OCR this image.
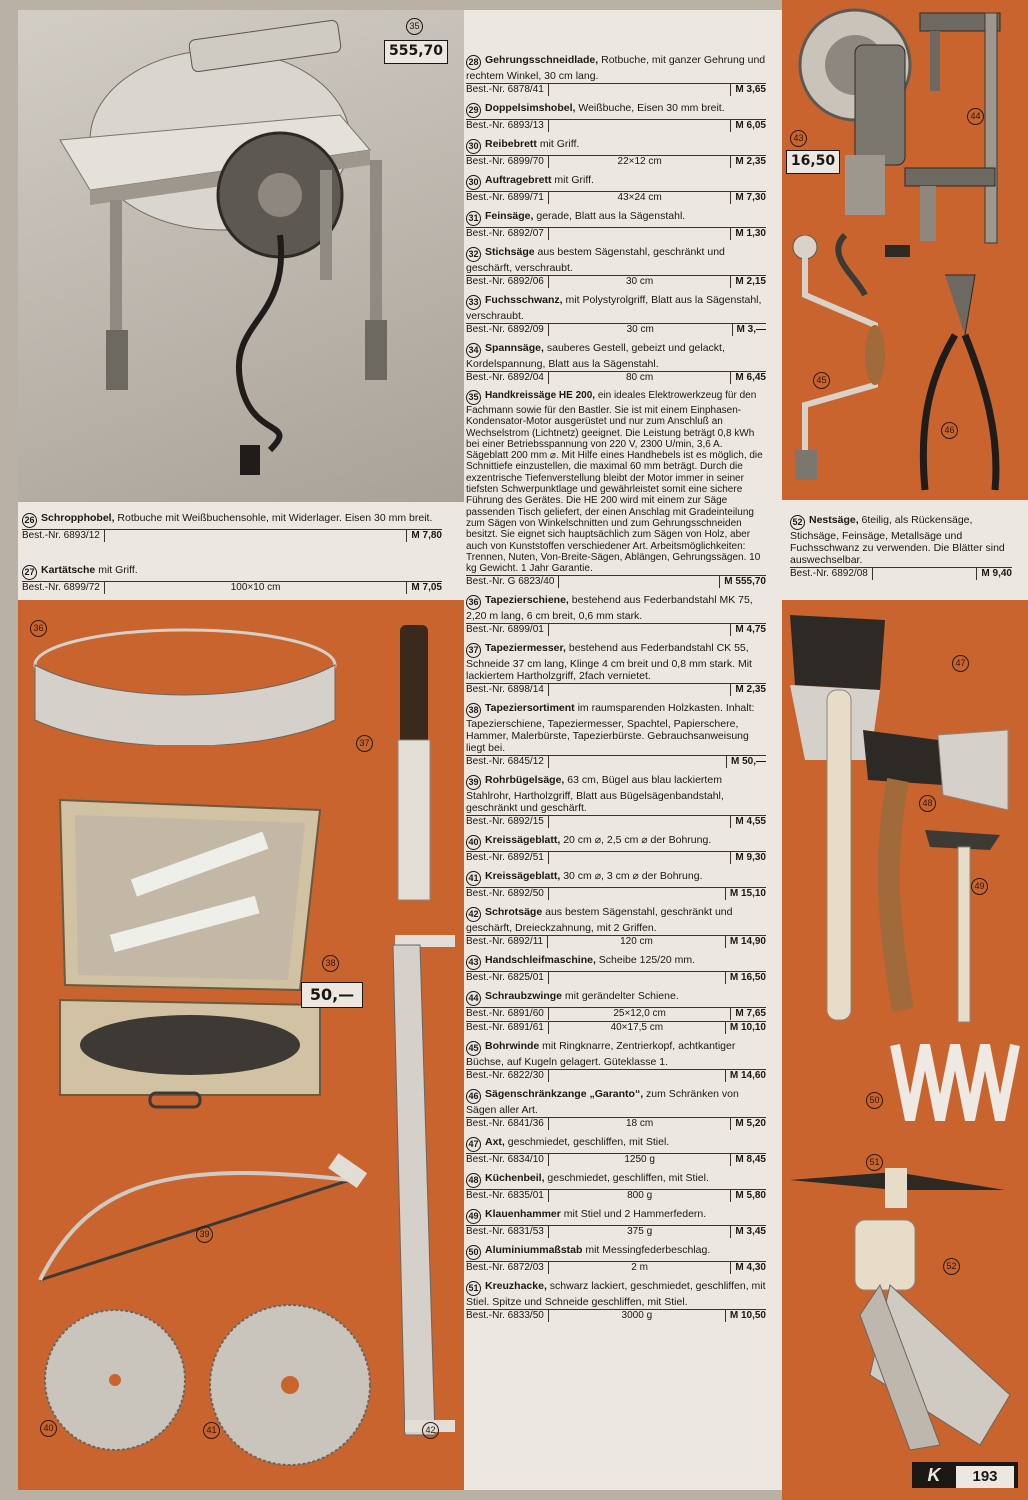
555,70
16,50
50,—
35
36
37
38
39
40	41	42
43
44
45
46
47
48
49
50
51
52
26 Schropphobel, Rotbuche mit Weißbuchensohle, mit Widerlager. Eisen 30 mm breit.
Best.-Nr. 6893/12	M 7,80
27 Kartätsche mit Griff.
Best.-Nr. 6899/72	100×10 cm	M 7,05
28 Gehrungsschneidlade, Rotbuche, mit ganzer Gehrung und rechtem Winkel, 30 cm lang.
Best.-Nr. 6878/41	M 3,65
29 Doppelsimshobel, Weißbuche, Eisen 30 mm breit.
Best.-Nr. 6893/13	M 6,05
30 Reibebrett mit Griff.
Best.-Nr. 6899/70	22×12 cm	M 2,35
30 Auftragebrett mit Griff.
Best.-Nr. 6899/71	43×24 cm	M 7,30
31 Feinsäge, gerade, Blatt aus la Sägenstahl.
Best.-Nr. 6892/07	M 1,30
32 Stichsäge aus bestem Sägenstahl, geschränkt und geschärft, verschraubt.
Best.-Nr. 6892/06	30 cm	M 2,15
33 Fuchsschwanz, mit Polystyrolgriff, Blatt aus la Sägenstahl, verschraubt.
Best.-Nr. 6892/09	30 cm	M 3,—
34 Spannsäge, sauberes Gestell, gebeizt und gelackt, Kordelspannung, Blatt aus la Sägenstahl.
Best.-Nr. 6892/04	80 cm	M 6,45
35 Handkreissäge HE 200, ein ideales Elektrowerkzeug für den Fachmann sowie für den Bastler. Sie ist mit einem Einphasen-Kondensator-Motor ausgerüstet und nur zum Anschluß an Wechselstrom (Lichtnetz) geeignet. Die Leistung beträgt 0,8 kWh bei einer Betriebsspannung von 220 V, 2300 U/min, 3,6 A. Sägeblatt 200 mm ⌀. Mit Hilfe eines Handhebels ist es möglich, die Schnittiefe einzustellen, die maximal 60 mm beträgt. Durch die exzentrische Tiefenverstellung bleibt der Motor immer in seiner tiefsten Schwerpunktlage und gewährleistet somit eine sichere Führung des Gerätes. Die HE 200 wird mit einem zur Säge passenden Tisch geliefert, der einen Anschlag mit Gradeinteilung zum Sägen von Winkelschnitten und zum Gehrungsschneiden besitzt. Sie eignet sich hauptsächlich zum Sägen von Holz, aber auch von Kunststoffen verschiedener Art. Arbeitsmöglichkeiten: Trennen, Nuten, Von-Breite-Sägen, Ablängen, Gehrungssägen. 10 kg Gewicht. 1 Jahr Garantie.
Best.-Nr. G 6823/40	M 555,70
36 Tapezierschiene, bestehend aus Federbandstahl MK 75, 2,20 m lang, 6 cm breit, 0,6 mm stark.
Best.-Nr. 6899/01	M 4,75
37 Tapeziermesser, bestehend aus Federbandstahl CK 55, Schneide 37 cm lang, Klinge 4 cm breit und 0,8 mm stark. Mit lackiertem Hartholzgriff, 2fach vernietet.
Best.-Nr. 6898/14	M 2,35
38 Tapeziersortiment im raumsparenden Holzkasten. Inhalt: Tapezierschiene, Tapeziermesser, Spachtel, Papierschere, Hammer, Malerbürste, Tapezierbürste. Gebrauchsanweisung liegt bei.
Best.-Nr. 6845/12	M 50,—
39 Rohrbügelsäge, 63 cm, Bügel aus blau lackiertem Stahlrohr, Hartholzgriff, Blatt aus Bügelsägenbandstahl, geschränkt und geschärft.
Best.-Nr. 6892/15	M 4,55
40 Kreissägeblatt, 20 cm ⌀, 2,5 cm ⌀ der Bohrung.
Best.-Nr. 6892/51	M 9,30
41 Kreissägeblatt, 30 cm ⌀, 3 cm ⌀ der Bohrung.
Best.-Nr. 6892/50	M 15,10
42 Schrotsäge aus bestem Sägenstahl, geschränkt und geschärft, Dreieckzahnung, mit 2 Griffen.
Best.-Nr. 6892/11	120 cm	M 14,90
43 Handschleifmaschine, Scheibe 125/20 mm.
Best.-Nr. 6825/01	M 16,50
44 Schraubzwinge mit gerändelter Schiene.
Best.-Nr. 6891/60	25×12,0 cm	M 7,65
Best.-Nr. 6891/61	40×17,5 cm	M 10,10
45 Bohrwinde mit Ringknarre, Zentrierkopf, achtkantiger Büchse, auf Kugeln gelagert. Güteklasse 1.
Best.-Nr. 6822/30	M 14,60
46 Sägenschränkzange „Garanto“, zum Schränken von Sägen aller Art.
Best.-Nr. 6841/36	18 cm	M 5,20
47 Axt, geschmiedet, geschliffen, mit Stiel.
Best.-Nr. 6834/10	1250 g	M 8,45
48 Küchenbeil, geschmiedet, geschliffen, mit Stiel.
Best.-Nr. 6835/01	800 g	M 5,80
49 Klauenhammer mit Stiel und 2 Hammerfedern.
Best.-Nr. 6831/53	375 g	M 3,45
50 Aluminiummaßstab mit Messingfederbeschlag.
Best.-Nr. 6872/03	2 m	M 4,30
51 Kreuzhacke, schwarz lackiert, geschmiedet, geschliffen, mit Stiel. Spitze und Schneide geschliffen, mit Stiel.
Best.-Nr. 6833/50	3000 g	M 10,50
52 Nestsäge, 6teilig, als Rückensäge, Stichsäge, Feinsäge, Metallsäge und Fuchsschwanz zu verwenden. Die Blätter sind auswechselbar.
Best.-Nr. 6892/08	M 9,40
K 193
